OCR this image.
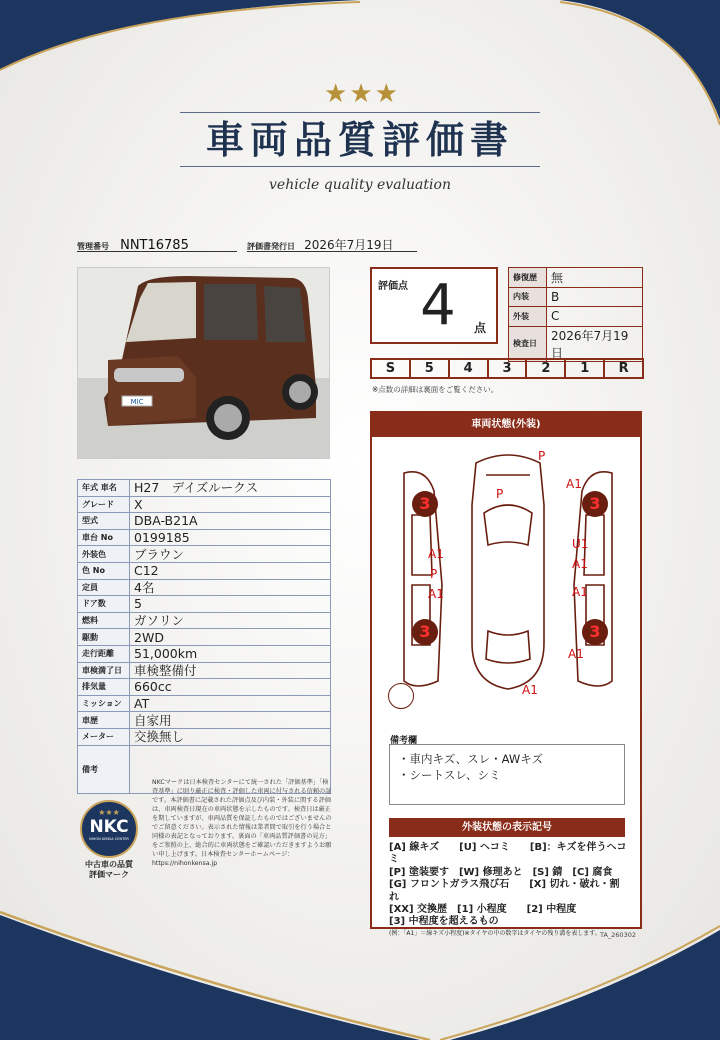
★★★
車両品質評価書
vehicle quality evaluation
管理番号 NNT16785	評価書発行日 2026年7月19日
MIC
年式 車名	H27　デイズルークス
グレード	X
型式	DBA-B21A
車台 No	0199185
外装色	ブラウン
色 No	C12
定員	4名
ドア数	5
燃料	ガソリン
駆動	2WD
走行距離	51,000km
車検満了日	車検整備付
排気量	660cc
ミッション	AT
車歴	自家用
メーター	交換無し
備考	
評価点 4	点
修復歴	無
内装	B
外装	C
検査日	2026年7月19日
S	5	4	3	2	1	R
※点数の詳細は裏面をご覧ください。
車両状態(外装)
P
A1
P
U1
A1
A1
P
A1	A1
A1
A1
3	3
3	3
備考欄
・車内キズ、スレ・AWキズ
・シートスレ、シミ
外装状態の表示記号
[A] 線キズ　　[U] ヘコミ　　[B]：キズを伴うヘコミ
[P] 塗装要す　[W] 修理あと　[S] 錆　[C] 腐食
[G] フロントガラス飛び石　　[X] 切れ・破れ・割れ
[XX] 交換歴　[1] 小程度　　[2] 中程度
[3] 中程度を超えるもの
(例：「A1」＝線キズ小程度)※タイヤの中の数字はタイヤの残り溝を表します。
★★★
NKC
NIHON KENSA CENTER
中古車の品質
評価マーク
NKCマークは日本検査センターにて統一された「評価基準」「検査基準」に則り厳正に検査・評価した車両に付与される信頼の証です。本評価書に記載された評価点及び内装・外装に関する評価は、車両検査日現在の車両状態を示したものです。検査日は厳正を期していますが、車両品質を保証したものではございませんのでご留意ください。表示された情報は業者間で取引を行う場合と同様の表記となっております。裏面の「車両品質評価書の見方」をご参照の上、総合的に車両状態をご確認いただきますようお願い申し上げます。日本検査センターホームページ：https://nihonkensa.jp
TA_260302
